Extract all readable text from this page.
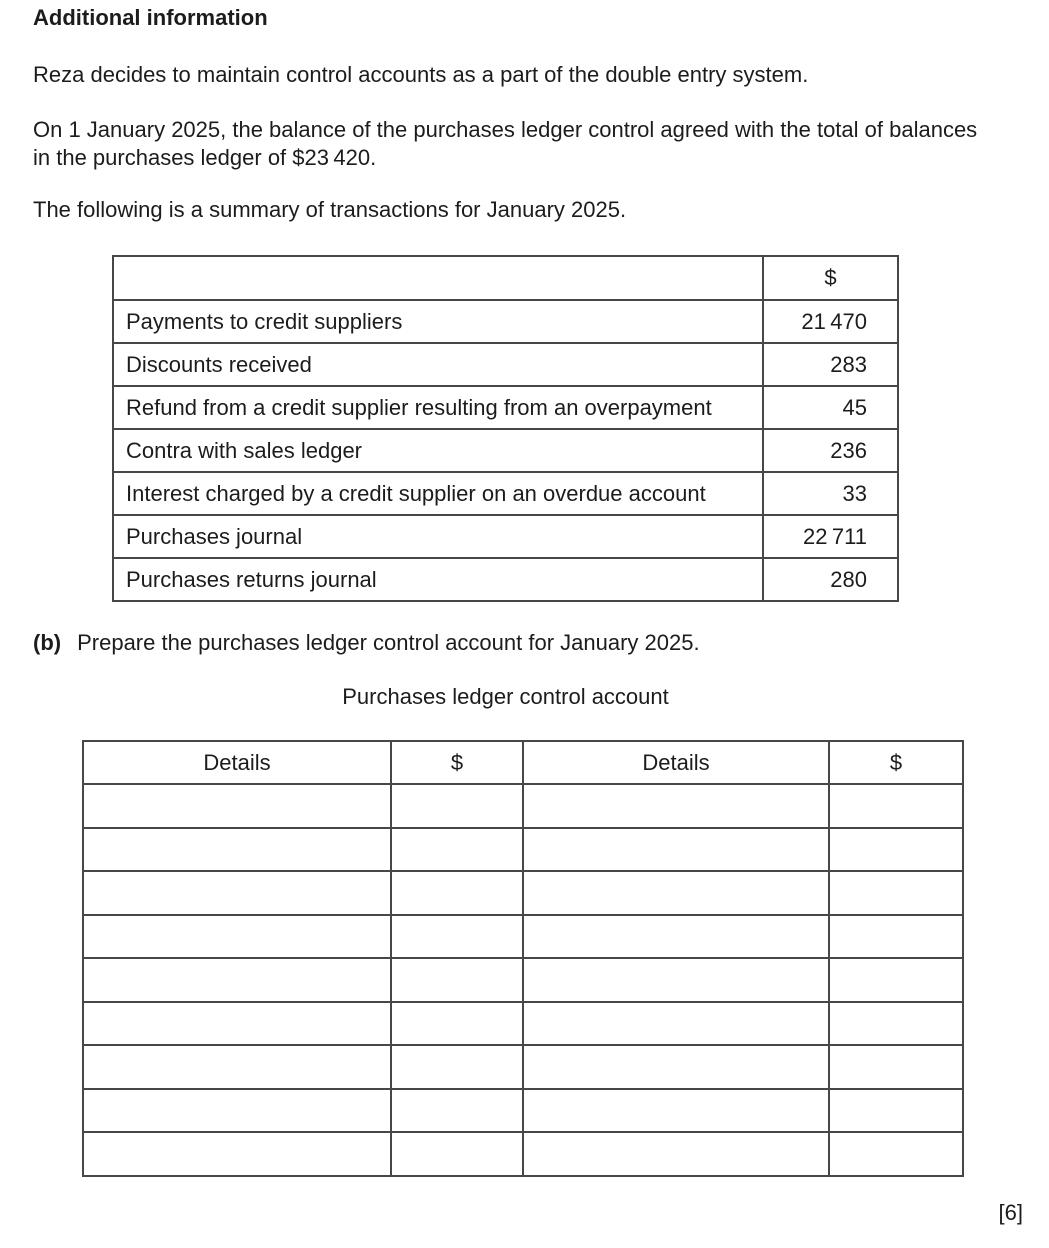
Additional information
Reza decides to maintain control accounts as a part of the double entry system.
On 1 January 2025, the balance of the purchases ledger control agreed with the total of balances
in the purchases ledger of $23 420.
The following is a summary of transactions for January 2025.
	$
Payments to credit suppliers	21 470
Discounts received	283
Refund from a credit supplier resulting from an overpayment	45
Contra with sales ledger	236
Interest charged by a credit supplier on an overdue account	33
Purchases journal	22 711
Purchases returns journal	280
(b) Prepare the purchases ledger control account for January 2025.
Purchases ledger control account
Details	$	Details	$

[6]
